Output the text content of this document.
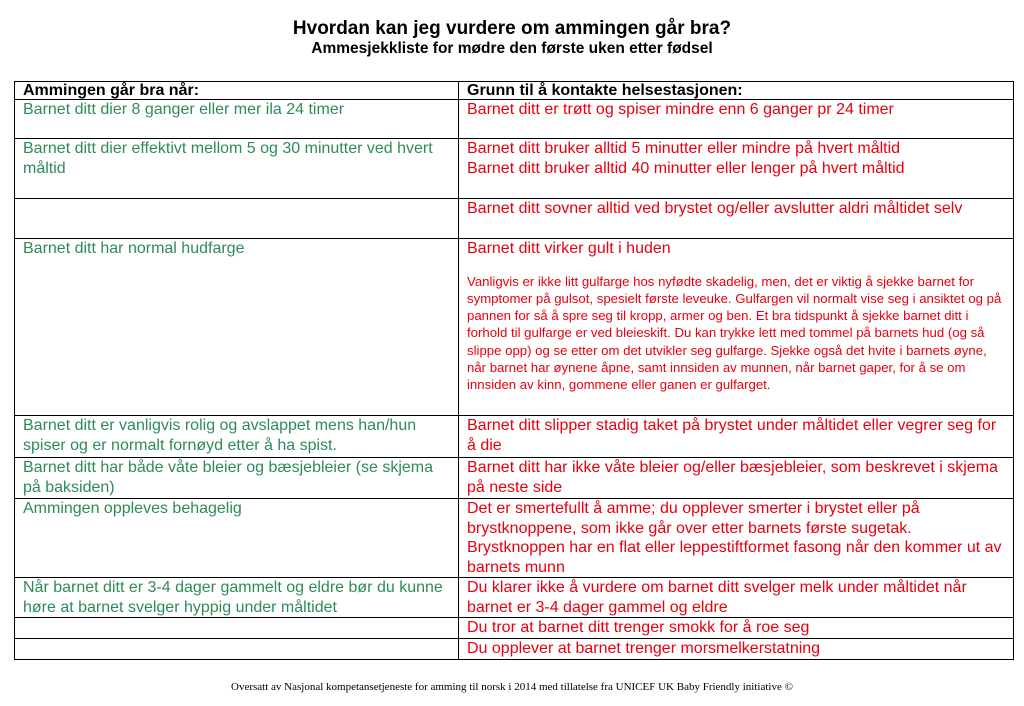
Hvordan kan jeg vurdere om ammingen går bra?
Ammesjekkliste for mødre den første uken etter fødsel
Ammingen går bra når:	Grunn til å kontakte helsestasjonen:

Barnet ditt dier 8 ganger eller mer ila 24 timer	Barnet ditt er trøtt og spiser mindre enn 6 ganger pr 24 timer

Barnet ditt dier effektivt mellom 5 og 30 minutter ved hvert måltid	Barnet ditt bruker alltid 5 minutter eller mindre på hvert måltid
Barnet ditt bruker alltid 40 minutter eller lenger på hvert måltid

	Barnet ditt sovner alltid ved brystet og/eller avslutter aldri måltidet selv

Barnet ditt har normal hudfarge	Barnet ditt virker gult i huden
Vanligvis er ikke litt gulfarge hos nyfødte skadelig, men, det er viktig å sjekke barnet for symptomer på gulsot, spesielt første leveuke. Gulfargen vil normalt vise seg i ansiktet og på pannen for så å spre seg til kropp, armer og ben. Et bra tidspunkt å sjekke barnet ditt i forhold til gulfarge er ved bleieskift. Du kan trykke lett med tommel på barnets hud (og så slippe opp) og se etter om det utvikler seg gulfarge. Sjekke også det hvite i barnets øyne, når barnet har øynene åpne, samt innsiden av munnen, når barnet gaper, for å se om innsiden av kinn, gommene eller ganen er gulfarget.

Barnet ditt er vanligvis rolig og avslappet mens han/hun spiser og er normalt fornøyd etter å ha spist.	Barnet ditt slipper stadig taket på brystet under måltidet eller vegrer seg for å die

Barnet ditt har både våte bleier og bæsjebleier (se skjema på baksiden)	Barnet ditt har ikke våte bleier og/eller bæsjebleier, som beskrevet i skjema på neste side

Ammingen oppleves behagelig	Det er smertefullt å amme; du opplever smerter i brystet eller på brystknoppene, som ikke går over etter barnets første sugetak.
Brystknoppen har en flat eller leppestiftformet fasong når den kommer ut av barnets munn

Når barnet ditt er 3-4 dager gammelt og eldre bør du kunne høre at barnet svelger hyppig under måltidet	Du klarer ikke å vurdere om barnet ditt svelger melk under måltidet når barnet er 3-4 dager gammel og eldre

	Du tror at barnet ditt trenger smokk for å roe seg

	Du opplever at barnet trenger morsmelkerstatning
Oversatt av Nasjonal kompetansetjeneste for amming til norsk i 2014 med tillatelse fra UNICEF UK Baby Friendly initiative ©
